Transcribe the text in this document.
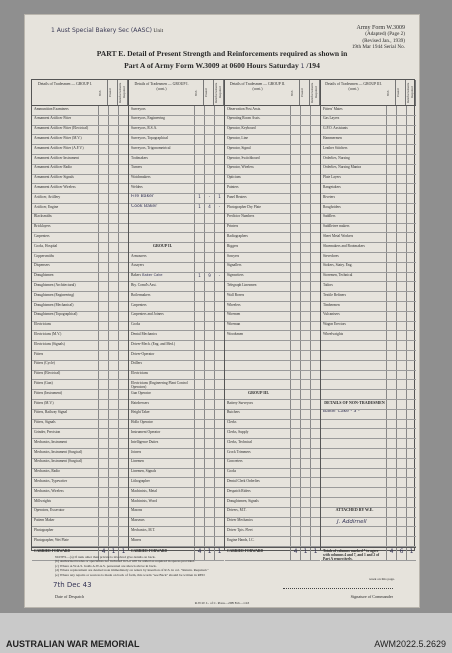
1 Aust Special Bakery Sec (AASC) Unit	Army Form W.3009
(Adapted) (Page 2)
(Revised Jan., 1939)
19th Mar 1944 Serial No.
PART E. Detail of Present Strength and Reinforcements required as shown in
Part A of Army Form W.3009 at 0600 Hours Saturday 1 /194
Details of Tradesmen — GROUP I.
W.E.	Posted	Reinforcements Required
Ammunition Examiners
Armament Artificer Fitter
Armament Artificer Fitter (Electrical)
Armament Artificer Fitter (M.V.)
Armament Artificer Fitter (A.F.V.)
Armament Artificer Instrument
Armament Artificer Radio
Armament Artificer Signals
Armament Artificer Wireless
Artificer, Artillery
Artificer, Engine
Blacksmiths
Bricklayers
Carpenters
Cooks, Hospital
Coppersmiths
Dispensers
Draughtsmen
Draughtsmen (Architectural)
Draughtsmen (Engineering)
Draughtsmen (Mechanical)
Draughtsmen (Topographical)
Electricians
Electricians (M.V.)
Electricians (Signals)
Fitters
Fitters (Cycle)
Fitters (Electrical)
Fitters (Gun)
Fitters (Instrument)
Fitters (M.V.)
Fitters, Railway Signal
Fitters, Signals
Grinder, Precision
Mechanics, Instrument
Mechanics, Instrument (Surgical)
Mechanics, Instrument (Surgical)
Mechanics, Radio
Mechanics, Typewriter
Mechanics, Wireless
Millwrights
Operators, Excavator
Pattern Maker
Photographer
Photographer, Wet Plate
CARRIED FORWARD	4	1	1
Details of Tradesmen — GROUP I. (cont.)
W.E.	Posted	Reinforcements Required
Surveyors
Surveyors, Engineering
Surveyors, R.S.A.
Surveyors, Topographical
Surveyors, Trigonometrical
Toolmakers
Turners
Watchmakers
Welders
Fire Baker	1	-	1
Cook Baker	1	4	-
GROUP II.
Armourers
Assayers
Bakers Baker Cake	1	9	-
Bty. Comd's Asst.
Boilermakers
Carpenters
Carpenters and Joiners
Cooks
Dental Mechanics
Driver-Mech. (Eng. and Med.)
Driver-Operator
Drillers
Electricians
Electricians (Engineering Plant Control Operators)
Gun Operator
Hairdressers
Height Taker
Hollo Operator
Instrument Operator
Intelligence Duties
Joiners
Linemen
Linemen, Signals
Lithographer
Machinists, Metal
Machinists, Wood
Masons
Masseurs
Mechanics, M.T.
Miners
CARRIED FORWARD	4	1	1
Details of Tradesmen — GROUP II. (cont.)
W.E.	Posted	Reinforcements Required
Observation Post Assts.
Operating Room Assts.
Operator, Keyboard
Operator, Line
Operator, Signal
Operator, Switchboard
Operator, Wireless
Opticians
Painters
Panel Beaters
Photographer Dry Plate
Predictor Numbers
Printers
Radiographers
Riggers
Sawyers
Signallers
Signwriters
Telegraph Linesmen
Wall Borers
Wheelers
Wiremen
Wireman
Woodsmen
GROUP III.
Battery Surveyors
Butchers
Clerks
Clerks, Supply
Clerks, Technical
Crock Trimmers
Concreters
Cooks
Dental Clerk Orderlies
Despatch Riders
Draughtsmen, Signals
Drivers, M.T.
Driver Mechanics
Driver Tpts. Fleet
Engine Hands, I.C.
CARRIED FORWARD	4	1	1
Details of Tradesmen — GROUP III. (cont.)
W.E.	Posted	Reinforcements Required
Fitters' Mates
Gas Layers
G.P.O. Assistants
Hammermen
Leather Stitchers
Orderlies, Nursing
Orderlies, Nursing Mantra
Plate Layers
Rangetakers
Riveters
Roughriders
Saddlers
Saddletree makers
Sheet Metal Workers
Shoemakers and Bootmakers
Stevedores
Stokers, Statry. Eng.
Storemen, Technical
Tailors
Textile Refiners
Timbermen
Vulcanisers
Wagon Erectors
Wheelwrights
DETAILS OF NON-TRADESMEN
Baker Cake - 3 -
ATTACHED BY W.E.
Totals of columns marked * to agree with columns 4 and 7, and 1 and 2 of Part A respectively.
4	6	1
J. Addirnell
NOTES—(a) If rank other than private is involved give details on back.
(b) Authorized trades or specialists not included in list will be added as required in spaces provided.
(c) Where A.W.A.S. holds A.W.A.S. personnel are shown above in back.
(d) Where replacement are desired note immediately on return by insertion of R.S. in col. "Return. Required."
(e) Where any repairs or sources is made on back of form, this words "see Back" should be written in RED
week on this page.
7th Dec 43
Date of Despatch	Signature of Commander
R.W.W. L. of C. Press—29B Feb—1/43
AUSTRALIAN WAR MEMORIAL	AWM2022.5.2629
